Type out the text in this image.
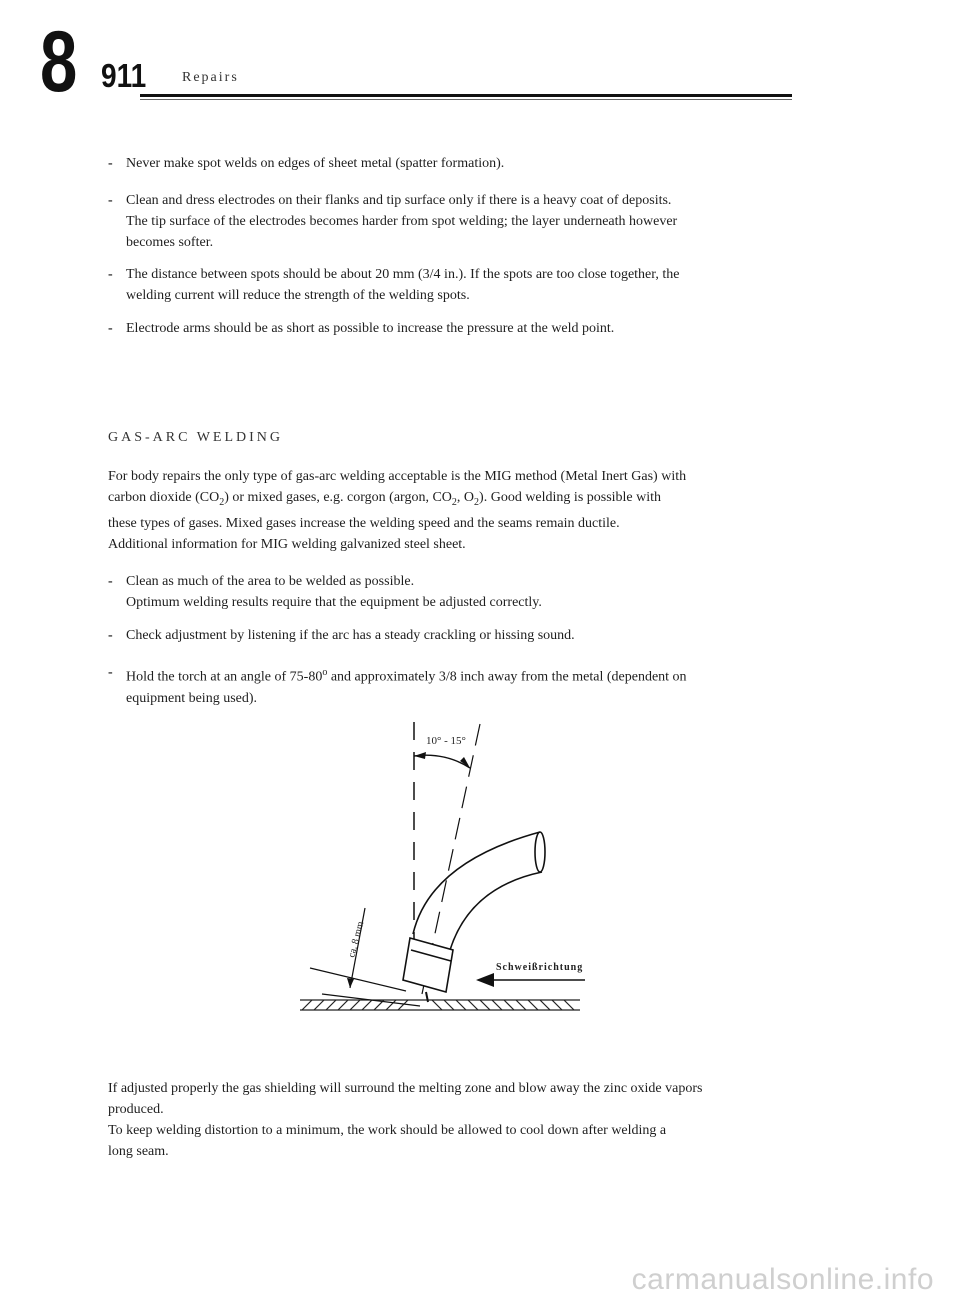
8 911	Repairs
- Never make spot welds on edges of sheet metal (spatter formation).
- Clean and dress electrodes on their flanks and tip surface only if there is a heavy coat of deposits.
The tip surface of the electrodes becomes harder from spot welding; the layer underneath however
becomes softer.
- The distance between spots should be about 20 mm (3/4 in.). If the spots are too close together, the
welding current will reduce the strength of the welding spots.
- Electrode arms should be as short as possible to increase the pressure at the weld point.
GAS-ARC WELDING
For body repairs the only type of gas-arc welding acceptable is the MIG method (Metal Inert Gas) with
carbon dioxide $(CO_2)$ or mixed gases, e.g. corgon (argon, $CO_2$, $O_2$). Good welding is possible with
these types of gases. Mixed gases increase the welding speed and the seams remain ductile.
Additional information for MIG welding galvanized steel sheet.
- Clean as much of the area to be welded as possible.
Optimum welding results require that the equipment be adjusted correctly.
- Check adjustment by listening if the arc has a steady crackling or hissing sound.
- Hold the torch at an angle of 75-80$^o$ and approximately 3/8 inch away from the metal (dependent on
equipment being used).
10° - 15°
ca. 8 mm
Schweißrichtung
If adjusted properly the gas shielding will surround the melting zone and blow away the zinc oxide vapors
produced.
To keep welding distortion to a minimum, the work should be allowed to cool down after welding a
long seam.
carmanualsonline.info
